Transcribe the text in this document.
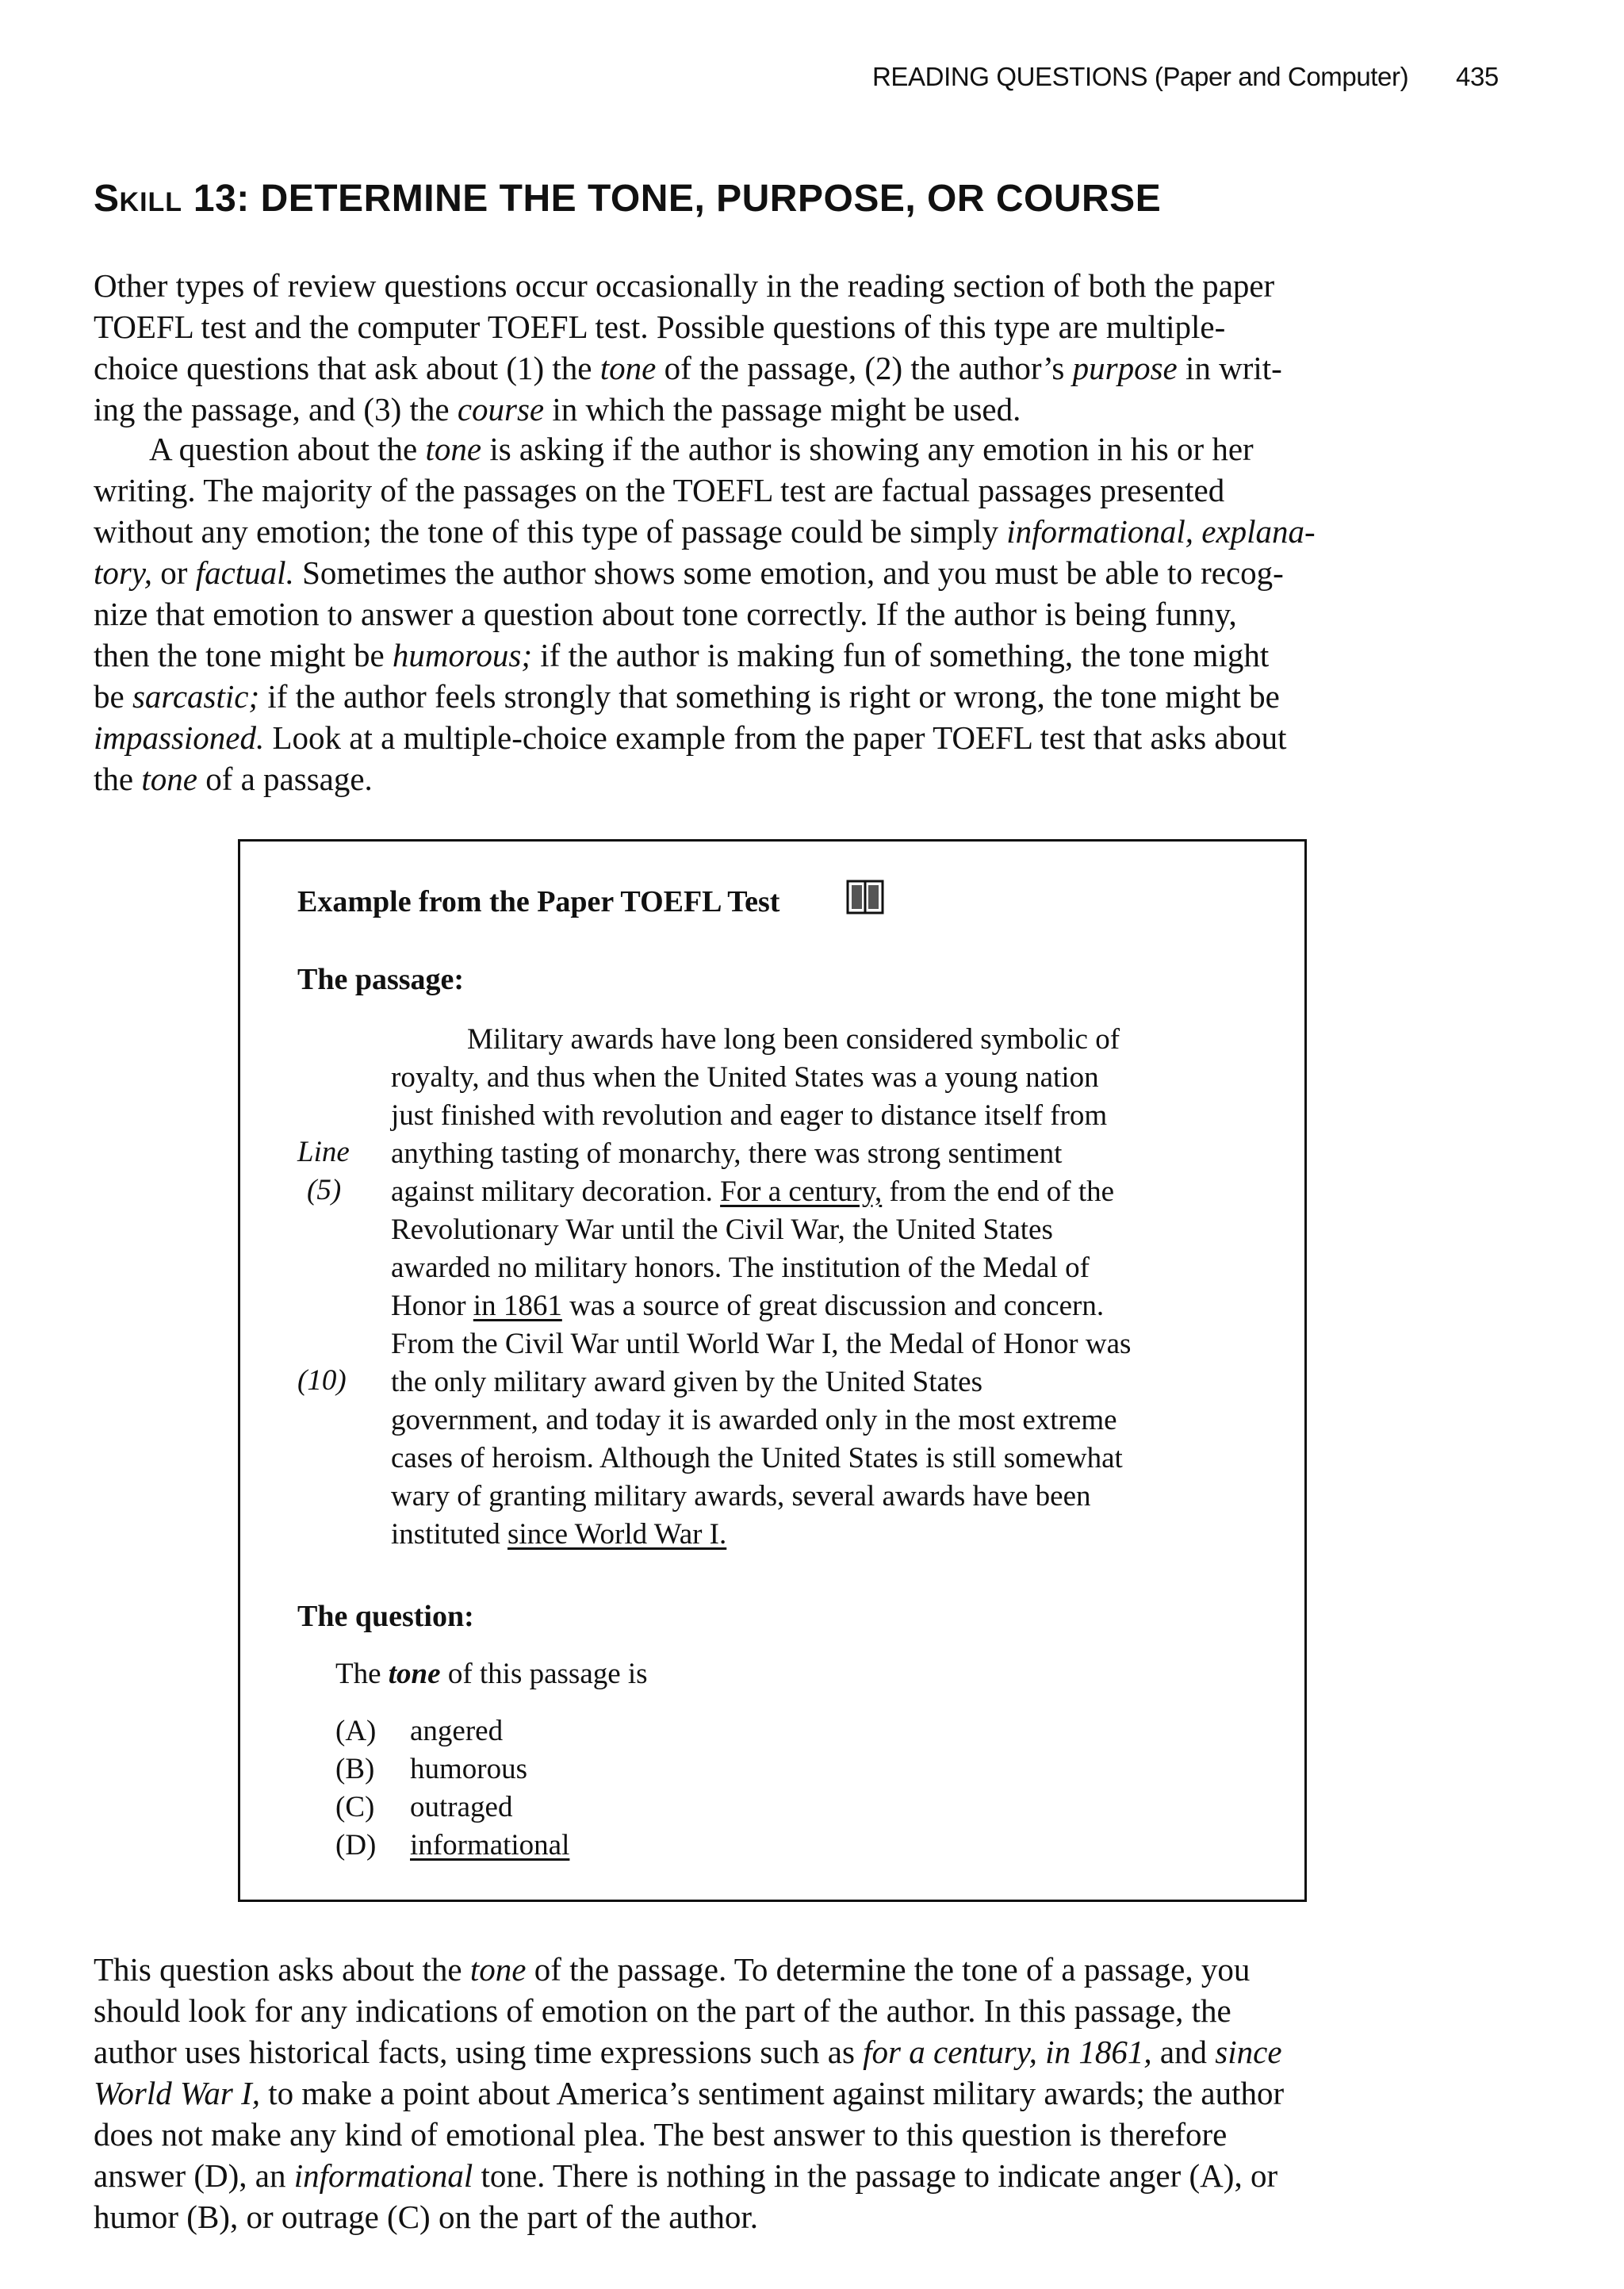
READING QUESTIONS (Paper and Computer) 435
SKILL 13: DETERMINE THE TONE, PURPOSE, OR COURSE
Other types of review questions occur occasionally in the reading section of both the paper
TOEFL test and the computer TOEFL test. Possible questions of this type are multiple-
choice questions that ask about (1) the tone of the passage, (2) the author’s purpose in writ-
ing the passage, and (3) the course in which the passage might be used.
A question about the tone is asking if the author is showing any emotion in his or her
writing. The majority of the passages on the TOEFL test are factual passages presented
without any emotion; the tone of this type of passage could be simply informational, explana-
tory, or factual. Sometimes the author shows some emotion, and you must be able to recog-
nize that emotion to answer a question about tone correctly. If the author is being funny,
then the tone might be humorous; if the author is making fun of something, the tone might
be sarcastic; if the author feels strongly that something is right or wrong, the tone might be
impassioned. Look at a multiple-choice example from the paper TOEFL test that asks about
the tone of a passage.
Example from the Paper TOEFL Test
The passage:
Line
(5)
(10)
Military awards have long been considered symbolic of
royalty, and thus when the United States was a young nation
just finished with revolution and eager to distance itself from
anything tasting of monarchy, there was strong sentiment
against military decoration. For a century, from the end of the
Revolutionary War until the Civil War, the United States
awarded no military honors. The institution of the Medal of
Honor in 1861 was a source of great discussion and concern.
From the Civil War until World War I, the Medal of Honor was
the only military award given by the United States
government, and today it is awarded only in the most extreme
cases of heroism. Although the United States is still somewhat
wary of granting military awards, several awards have been
instituted since World War I.
The question:
The tone of this passage is
(A) angered
(B) humorous
(C) outraged
(D) informational
This question asks about the tone of the passage. To determine the tone of a passage, you
should look for any indications of emotion on the part of the author. In this passage, the
author uses historical facts, using time expressions such as for a century, in 1861, and since
World War I, to make a point about America’s sentiment against military awards; the author
does not make any kind of emotional plea. The best answer to this question is therefore
answer (D), an informational tone. There is nothing in the passage to indicate anger (A), or
humor (B), or outrage (C) on the part of the author.
